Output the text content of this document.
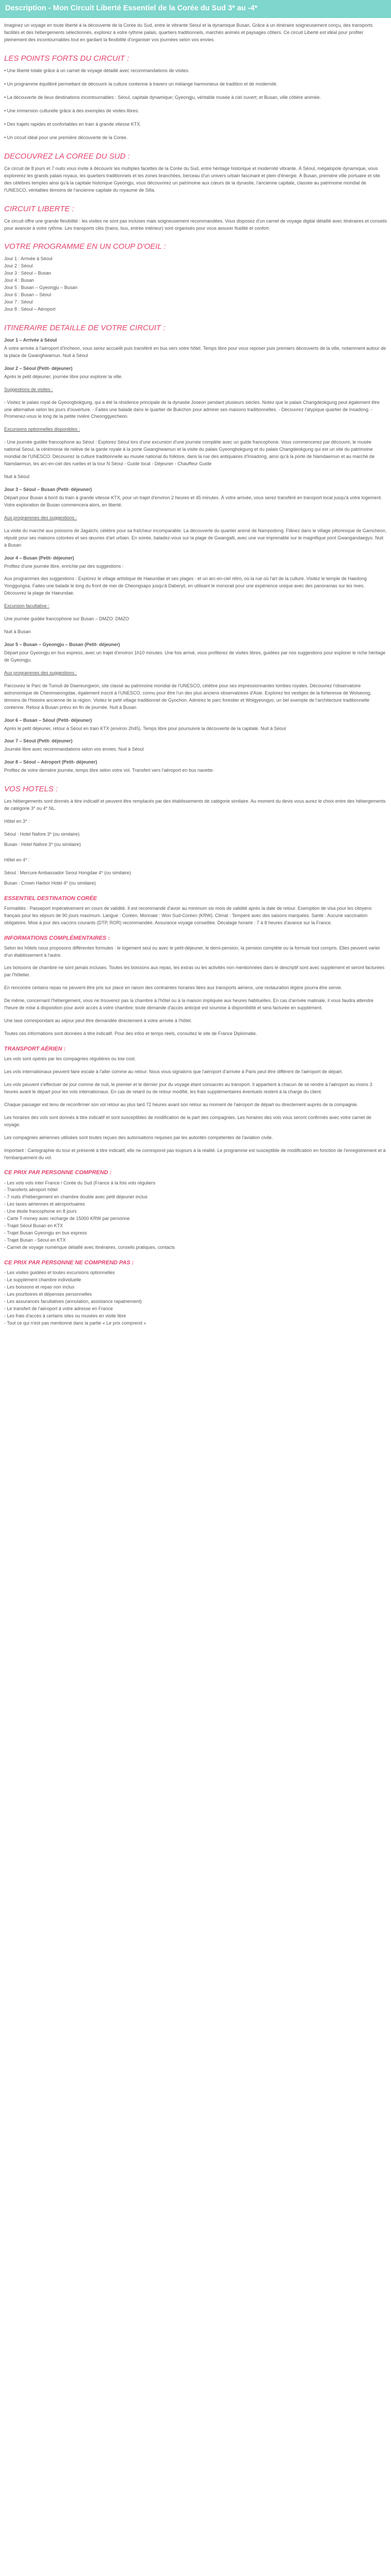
Description - Mon Circuit Liberté Essentiel de la Corée du Sud 3* au -4*

Imaginez un voyage en toute liberté à la découverte de la Corée du Sud, entre le vibrante Séoul et la dynamique Busan. Grâce à un itinéraire soigneusement conçu, des transports facilités et des hébergements sélectionnés, explorez à votre rythme palais, quartiers traditionnels, marchés animés et paysages côtiers. Ce circuit Liberté est idéal pour profiter pleinement des incontournables tout en gardant la flexibilité d'organiser vos journées selon vos envies.

LES POINTS FORTS DU CIRCUIT :
• Une liberté totale grâce à un carnet de voyage détaillé avec recommandations de visites.
• Un programme équilibré permettant de découvrir la culture coréenne à travers un mélange harmonieux de tradition et de modernité.
• La découverte de lieux destinations incontournables : Séoul, capitale dynamique; Gyeongju, véritable musée à ciel ouvert; et Busan, ville côtière animée.
• Une immersion culturelle grâce à des exemples de visites libres.
• Des trajets rapides et confortables en train à grande vitesse KTX.
• Un circuit idéal pour une première découverte de la Corée.
DECOUVREZ LA COREE DU SUD :

Ce circuit de 8 jours et 7 nuits vous invite à découvrir les multiples facettes de la Corée du Sud, entre héritage historique et modernité vibrante. À Séoul, mégalopole dynamique, vous explorerez les grands palais royaux, les quartiers traditionnels et les zones branchées, berceau d'un univers urbain fascinant et plein d'énergie. À Busan, première ville portuaire et site des célèbres temples ainsi qu'à la capitale historique Gyeongju, vous découvrirez un patrimoine aux cœurs de la dynastie, l'ancienne capitale, classée au patrimoine mondial de l'UNESCO, véritables témoins de l'ancienne capitale du royaume de Silla.

CIRCUIT LIBERTE :

Ce circuit offre une grande flexibilité : les visites ne sont pas incluses mais soigneusement recommandées. Vous disposez d'un carnet de voyage digital détaillé avec itinéraires et conseils pour avancer à votre rythme. Les transports clés (trains, bus, entrée intérieur) sont organisés pour vous assurer fluidité et confort.

VOTRE PROGRAMME EN UN COUP D'OEIL :
Jour 1 : Arrivée à Séoul
Jour 2 : Séoul
Jour 3 : Séoul – Busan
Jour 4 : Busan
Jour 5 : Busan – Gyeongju – Busan
Jour 6 : Busan – Séoul
Jour 7 : Séoul
Jour 8 : Séoul – Aéroport
ITINERAIRE DETAILLE DE VOTRE CIRCUIT :
Jour 1 – Arrivée à Séoul

À votre arrivée à l'aéroport d'Incheon, vous serez accueilli puis transféré en bus vers votre hôtel. Temps libre pour vous reposer puis premiers découverts de la ville, notamment autour de la place de Gwanghwamun. Nuit à Séoul

Jour 2 – Séoul (Petit- déjeuner)

Après le petit déjeuner, journée libre pour explorer la ville.

Suggestions de visites :

- Visitez le palais royal de Gyeongbokgung, qui a été la résidence principale de la dynastie Joseon pendant plusieurs siècles. Notez que le palais Changdeokgung peut également être une alternative selon les jours d'ouverture. - Faites une balade dans le quartier de Bukchon pour admirer ses maisons traditionnelles. - Découvrez l'atypique quartier de Insadong. - Promenez-vous le long de la petite rivière Cheonggyecheon.

Excursions optionnelles disponibles :

- Une journée guidée francophone au Séoul : Explorez Séoul lors d'une excursion d'une journée complète avec un guide francophone. Vous commencerez par découvrir, le musée national Seoul, la cérémonie de relève de la garde royale à la porte Gwanghwamun et la visite du palais Gyeongbokgung et du palais Changdeokgung qui est un site du patrimoine mondial de l'UNESCO. Découvrez la culture traditionnelle au musée national du folklore, dans la rue des antiquaires d'Insadong, ainsi qu'à la porte de Namdaemun et au marché de Namdaemun, les arc-en-ciel des ruelles et la tour N Séoul - Guide local - Déjeuner - Chauffeur Guide

Nuit à Séoul

Jour 3 – Séoul – Busan (Petit- déjeuner)

Départ pour Busan à bord du train à grande vitesse KTX, pour un trajet d'environ 2 heures et 45 minutes. À votre arrivée, vous serez transféré en transport local jusqu'à votre logement. Votre exploration de Busan commencera alors, en liberté.

Aux programmes des suggestions :

La visite du marché aux poissons de Jagalchi, célèbre pour sa fraîcheur incomparable. La découverte du quartier animé de Nampodong. Flânez dans le village pittoresque de Gamcheon, réputé pour ses maisons colorées et ses œuvres d'art urbain. En soirée, baladez-vous sur la plage de Gwangalli, avec une vue imprenable sur le magnifique pont Gwangandaegyo. Nuit à Busan

Jour 4 – Busan (Petit- déjeuner)

Profitez d'une journée libre, enrichie par des suggestions :

Aux programmes des suggestions : Explorez le village artistique de Haeundae et ses plages : et un arc-en-ciel rétro, où la rue où l'art de la culture. Visitez le temple de Haedong Yonggungsa. Faites une balade le long du front de mer de Cheongsapo jusqu'à Daberyil, en utilisant le monorail pour une expérience unique avec des panoramas sur les rives. Découvrez la plage de Haeundae.

Excursion facultative :

Une journée guidée francophone sur Busan – DMZO: DMZO

Nuit à Busan

Jour 5 – Busan – Gyeongju – Busan (Petit- déjeuner)

Départ pour Gyeongju en bus express, avec un trajet d'environ 1h10 minutes. Une fois arrivé, vous profiterez de visites libres, guidées par nos suggestions pour explorer le riche héritage de Gyeongju.

Aux programmes des suggestions :

Parcourez le Parc de Tumuli de Daereungwon, site classé au patrimoine mondial de l'UNESCO, célèbre pour ses impressionnantes tombes royales. Découvrez l'observatoire astronomique de Cheomseongdae, également inscrit à l'UNESCO, connu pour être l'un des plus anciens observatoires d'Asie. Explorez les vestiges de la forteresse de Wolseong, témoins de l'histoire ancienne de la région. Visitez le petit village traditionnel de Gyochon. Admirez le parc forestier et Wolgyeongyo, un bel exemple de l'architecture traditionnelle coréenne. Retour à Busan prévu en fin de journée. Nuit à Busan

Jour 6 – Busan – Séoul (Petit- déjeuner)

Après le petit déjeuner, retour à Séoul en train KTX (environ 2h45). Temps libre pour poursuivre la découverte de la capitale. Nuit à Séoul

Jour 7 – Séoul (Petit- déjeuner)

Journée libre avec recommandations selon vos envies. Nuit à Séoul

Jour 8 – Séoul – Aéroport (Petit- déjeuner)

Profitez de votre dernière journée, temps libre selon votre vol. Transfert vers l'aéroport en bus navette.

VOS HOTELS :

Les hébergements sont donnés à titre indicatif et peuvent être remplacés par des établissements de catégorie similaire. Au moment du devis vous aurez le choix entre des hébergements de catégorie 3* ou 4* NL.

Hôtel en 3* :

Séoul : Hotel Nafore 3* (ou similaire)
Busan : Hotel Nafore 3* (ou similaire)

Hôtel en 4* :

Séoul : Mercure Ambassador Seoul Hongdae 4* (ou similaire)
Busan : Crown Harbor Hotel 4* (ou similaire)
ESSENTIEL DESTINATION CORÉE

Formalités : Passeport impérativement en cours de validité. Il est recommandé d'avoir au minimum six mois de validité après la date de retour. Exemption de visa pour les citoyens français pour les séjours de 90 jours maximum. Langue : Coréen. Monnaie : Won Sud-Coréen (KRW). Climat : Tempéré avec des saisons marquées. Santé : Aucune vaccination obligatoire. Mise à jour des vaccins courants (DTP, ROR) recommandée. Assurance voyage conseillée. Décalage horaire : 7 à 8 heures d'avance sur la France.

INFORMATIONS COMPLÉMENTAIRES :

Selon les hôtels nous proposons différentes formules : le logement seul ou avec le petit-déjeuner, le demi-pension, la pension complète ou la formule tout compris. Elles peuvent varier d'un établissement à l'autre.

Les boissons de chambre ne sont jamais incluses. Toutes les boissons aux repas, les extras ou les activités non mentionnées dans le descriptif sont avec supplément et seront facturées par l'hôtelier.

En rencontre certains repas ne peuvent être pris sur place en raison des contraintes horaires liées aux transports aériens, une restauration légère pourra être servie.

De même, concernant l'hébergement, vous ne trouverez pas la chambre à l'hôtel ou à la maison impliquée aux heures habituelles. En cas d'arrivée matinale, il vous faudra attendre l'heure de mise à disposition pour avoir accès à votre chambre; toute demande d'accès anticipé est soumise à disponibilité et sera facturée en supplément.

Une taxe correspondant au séjour peut être demandée directement à votre arrivée à l'hôtel.

Toutes ces informations sont données à titre indicatif. Pour des infos et temps réels, consultez le site de France Diplomatie.

TRANSPORT AÉRIEN :

Les vols sont opérés par les compagnies régulières ou low cost.

Les vols internationaux peuvent faire escale à l'aller comme au retour. Nous vous signalons que l'aéroport d'arrivée à Paris peut être différent de l'aéroport de départ.

Les vols peuvent s'effectuer de jour comme de nuit, le premier et le dernier jour du voyage étant consacrés au transport. Il appartient à chacun de se rendre à l'aéroport au moins 3 heures avant le départ pour les vols internationaux. En cas de retard ou de retour modifié, les frais supplémentaires éventuels restent à la charge du client.

Chaque passager est tenu de reconfirmer son vol retour au plus tard 72 heures avant son retour au moment de l'aéroport de départ ou directement auprès de la compagnie.

Les horaires des vols sont donnés à titre indicatif et sont susceptibles de modification de la part des compagnies. Les horaires des vols vous seront confirmés avec votre carnet de voyage.

Les compagnies aériennes utilisées sont toutes reçues des autorisations requises par les autorités compétentes de l'aviation civile.

Important : Cartographie du tour et présenté à titre indicatif, elle ne correspond pas toujours à la réalité. Le programme est susceptible de modification en fonction de l'enregistrement et à l'embarquement du vol.

CE PRIX PAR PERSONNE COMPREND :
- Les vols vols inter France / Corée du Sud (France à la fois vols réguliers
- Transferts aéroport hôtel
- 7 nuits d'hébergement en chambre double avec petit déjeuner inclus
- Les taxes aériennes et aéroportuaires
- Une étoile francophone en 8 jours
- Carte T-money avec recharge de 15000 KRW par personne
- Trajet Séoul Busan en KTX
- Trajet Busan Gyeongju en bus express
- Trajet Busan - Séoul en KTX
- Carnet de voyage numérique détaillé avec itinéraires, conseils pratiques, contacts
CE PRIX PAR PERSONNE NE COMPREND PAS :
- Les visites guidées et toutes excursions optionnelles
- Le supplément chambre individuelle
- Les boissons et repas non inclus
- Les pourboires et dépenses personnelles
- Les assurances facultatives (annulation, assistance rapatriement)
- Le transfert de l'aéroport à votre adresse en France
- Les frais d'accès à certains sites ou musées en visite libre
- Tout ce qui n'est pas mentionné dans la partie « Le prix comprend »
